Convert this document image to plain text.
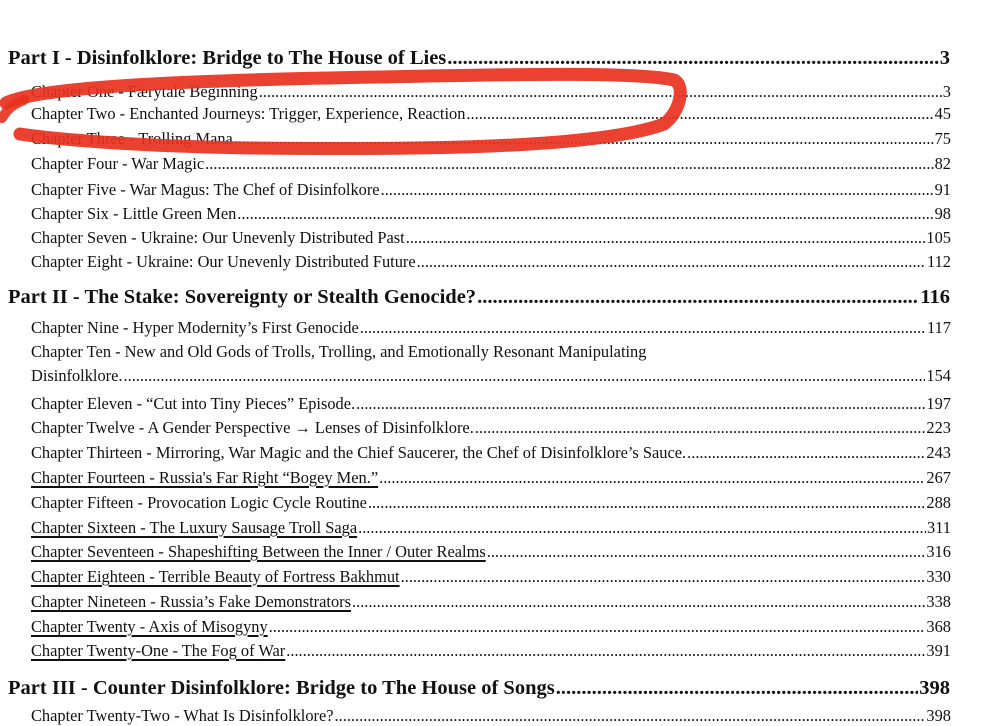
Part I - Disinfolklore: Bridge to The House of Lies .....	3
Chapter One - Færytale Beginning .....	3
Chapter Two - Enchanted Journeys: Trigger, Experience, Reaction .....	45
Chapter Three - Trolling Mana .....	75
Chapter Four - War Magic .....	82
Chapter Five - War Magus: The Chef of Disinfolkore .....	91
Chapter Six - Little Green Men .....	98
Chapter Seven - Ukraine: Our Unevenly Distributed Past .....	105
Chapter Eight - Ukraine: Our Unevenly Distributed Future .....	112
Part II - The Stake: Sovereignty or Stealth Genocide? .....	116
Chapter Nine - Hyper Modernity’s First Genocide .....	117
Chapter Ten - New and Old Gods of Trolls, Trolling, and Emotionally Resonant Manipulating
Disinfolklore. .....	154
Chapter Eleven - “Cut into Tiny Pieces” Episode. .....	197
Chapter Twelve - A Gender Perspective → Lenses of Disinfolklore. .....	223
Chapter Thirteen - Mirroring, War Magic and the Chief Saucerer, the Chef of Disinfolklore’s Sauce. .....	243
Chapter Fourteen - Russia's Far Right “Bogey Men.” .....	267
Chapter Fifteen - Provocation Logic Cycle Routine .....	288
Chapter Sixteen - The Luxury Sausage Troll Saga .....	311
Chapter Seventeen - Shapeshifting Between the Inner / Outer Realms .....	316
Chapter Eighteen - Terrible Beauty of Fortress Bakhmut .....	330
Chapter Nineteen - Russia’s Fake Demonstrators .....	338
Chapter Twenty - Axis of Misogyny .....	368
Chapter Twenty-One - The Fog of War .....	391
Part III - Counter Disinfolklore: Bridge to The House of Songs .....	398
Chapter Twenty-Two - What Is Disinfolklore? .....	398
